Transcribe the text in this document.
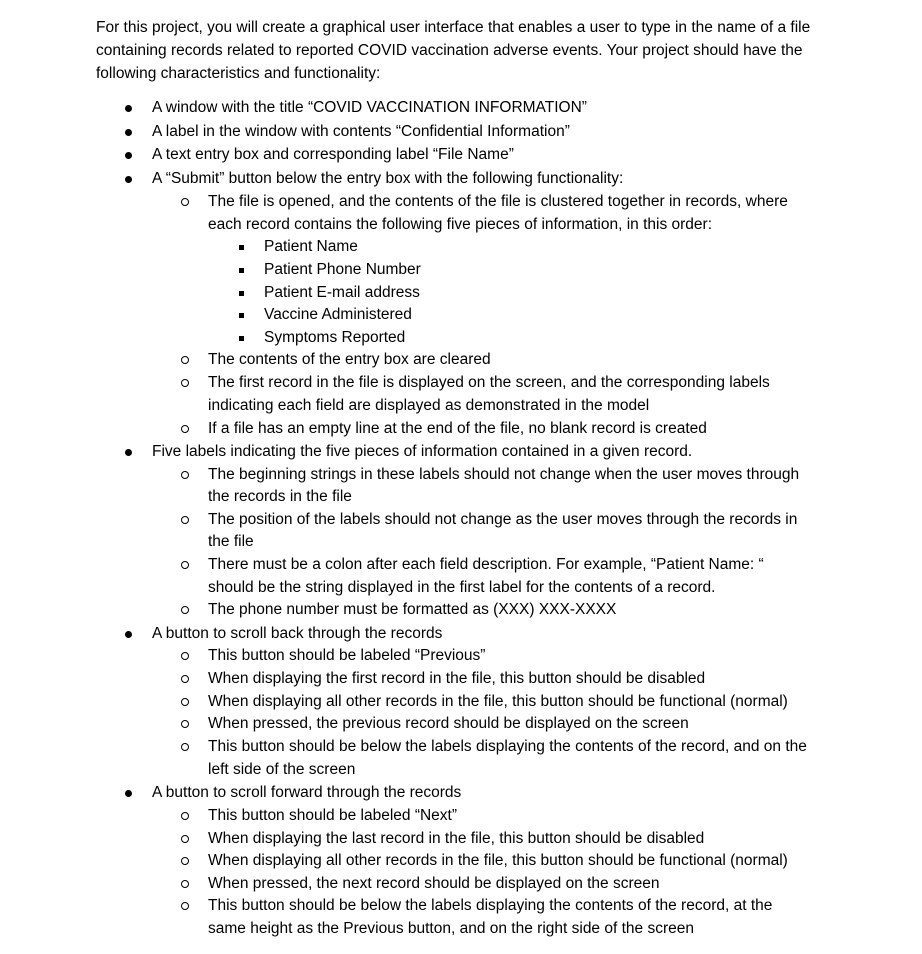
For this project, you will create a graphical user interface that enables a user to type in the name of a file containing records related to reported COVID vaccination adverse events. Your project should have the following characteristics and functionality:

A window with the title “COVID VACCINATION INFORMATION”
A label in the window with contents “Confidential Information”
A text entry box and corresponding label “File Name”
A “Submit” button below the entry box with the following functionality:
The file is opened, and the contents of the file is clustered together in records, where
each record contains the following five pieces of information, in this order:
Patient Name
Patient Phone Number
Patient E-mail address
Vaccine Administered
Symptoms Reported
The contents of the entry box are cleared
The first record in the file is displayed on the screen, and the corresponding labels
indicating each field are displayed as demonstrated in the model
If a file has an empty line at the end of the file, no blank record is created
Five labels indicating the five pieces of information contained in a given record.
The beginning strings in these labels should not change when the user moves through
the records in the file
The position of the labels should not change as the user moves through the records in
the file
There must be a colon after each field description. For example, “Patient Name: “
should be the string displayed in the first label for the contents of a record.
The phone number must be formatted as (XXX) XXX-XXXX
A button to scroll back through the records
This button should be labeled “Previous”
When displaying the first record in the file, this button should be disabled
When displaying all other records in the file, this button should be functional (normal)
When pressed, the previous record should be displayed on the screen
This button should be below the labels displaying the contents of the record, and on the
left side of the screen
A button to scroll forward through the records
This button should be labeled “Next”
When displaying the last record in the file, this button should be disabled
When displaying all other records in the file, this button should be functional (normal)
When pressed, the next record should be displayed on the screen
This button should be below the labels displaying the contents of the record, at the
same height as the Previous button, and on the right side of the screen
